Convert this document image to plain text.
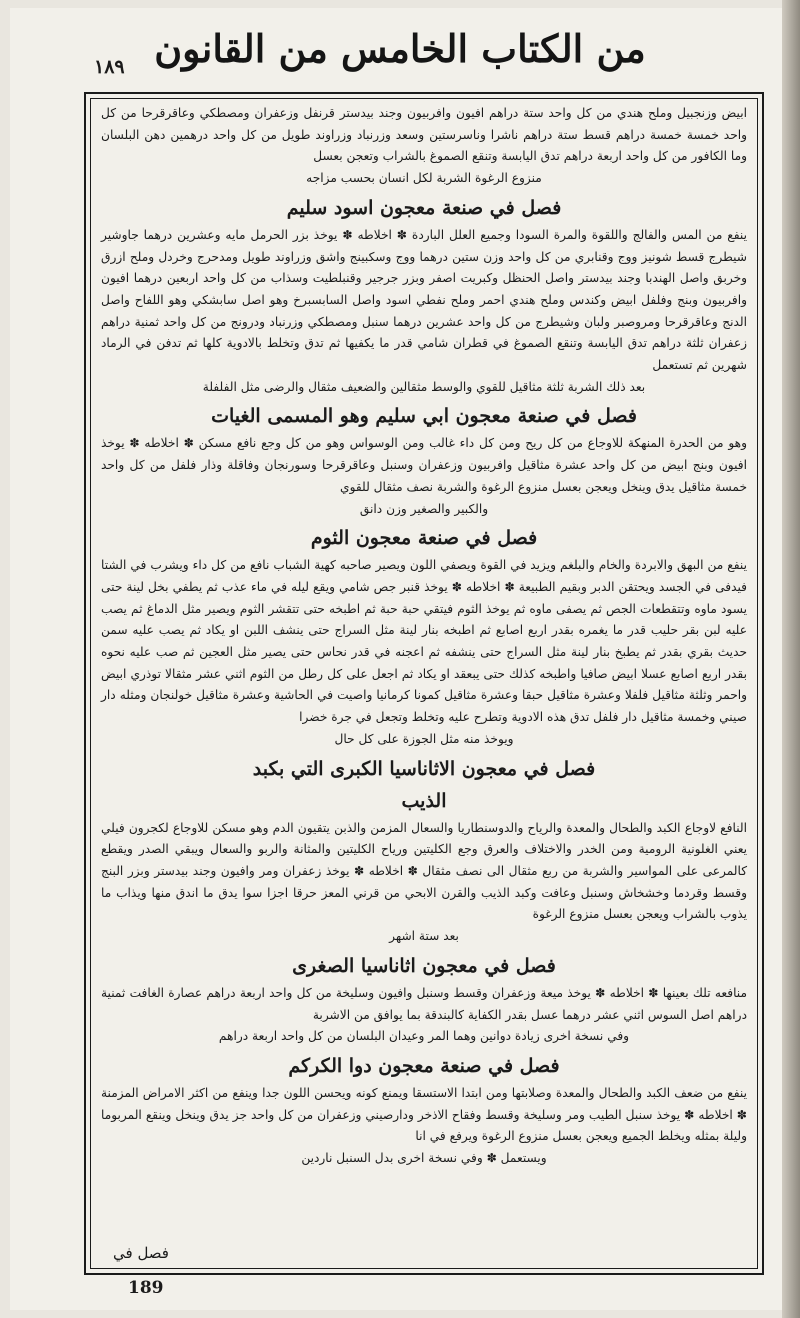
١٨٩ من الكتاب الخامس من القانون

ابيض وزنجبيل وملح هندي من كل واحد ستة دراهم افيون وافربيون وجند بيدستر قرنفل وزعفران ومصطكي وعاقرقرحا من كل واحد خمسة خمسة دراهم قسط ستة دراهم ناشرا وناسرستين وسعد وزرنباد وزراوند طويل من كل واحد درهمين دهن البلسان وما الكافور من كل واحد اربعة دراهم تدق اليابسة وتنقع الصموغ بالشراب وتعجن بعسل

منزوع الرغوة الشربة لكل انسان بحسب مزاجه

فصل في صنعة معجون اسود سليم

ينفع من المس والفالج واللقوة والمرة السودا وجميع العلل الباردة ✽ اخلاطه ✽ يوخذ بزر الحرمل مايه وعشرين درهما جاوشير شيطرج قسط شونيز ووج وقنابري من كل واحد وزن ستين درهما ووج وسكبينج واشق وزراوند طويل ومدحرج وخردل وملح ازرق وخربق واصل الهندبا وجند بيدستر واصل الحنظل وكبريت اصفر وبزر جرجير وقنبلطيت وسذاب من كل واحد اربعين درهما افيون وافربيون وبنج وفلفل ابيض وكندس وملح هندي احمر وملح نفطي اسود واصل السابسبرخ وهو اصل سابشكي وهو اللفاح واصل الدنج وعاقرقرحا ومروصبر ولبان وشيطرج من كل واحد عشرين درهما سنبل ومصطكي وزرنباد ودرونج من كل واحد ثمنية دراهم زعفران ثلثة دراهم تدق اليابسة وتنقع الصموغ في قطران شامي قدر ما يكفيها ثم تدق وتخلط بالادوية كلها ثم تدفن في الرماد شهرين ثم تستعمل

بعد ذلك الشربة ثلثة مثاقيل للقوي والوسط مثقالين والضعيف مثقال والرضى مثل الفلفلة

فصل في صنعة معجون ابي سليم وهو المسمى الغيات

وهو من الحدرة المنهكة للاوجاع من كل ريح ومن كل داء غالب ومن الوسواس وهو من كل وجع نافع مسكن ✽ اخلاطه ✽ يوخذ افيون وبنج ابيض من كل واحد عشرة مثاقيل وافربيون وزعفران وسنبل وعاقرقرحا وسورنجان وفاقلة وذار فلفل من كل واحد خمسة مثاقيل يدق وينخل ويعجن بعسل منزوع الرغوة والشربة نصف مثقال للقوي

والكبير والصغير وزن دانق

فصل في صنعة معجون الثوم

ينفع من البهق والابردة والخام والبلغم ويزيد في القوة ويصفي اللون ويصير صاحبه كهية الشباب نافع من كل داء ويشرب في الشتا فيدفى في الجسد ويحتقن الدبر وبقيم الطبيعة ✽ اخلاطه ✽ يوخذ قنبر جص شامي ويقع ليله في ماء عذب ثم يطفي بخل لينة حتى يسود ماوه وتتقطعات الجص ثم يصفى ماوه ثم يوخذ الثوم فيتقي حبة حبة ثم اطبخه حتى تتقشر الثوم ويصير مثل الدماغ ثم يصب عليه لبن بقر حليب قدر ما يغمره بقدر اربع اصابع ثم اطبخه بنار لينة مثل السراج حتى ينشف اللبن او يكاد ثم يصب عليه سمن حديث بقري بقدر ثم يطبخ بنار لينة مثل السراج حتى ينشفه ثم اعجنه في قدر نحاس حتى يصير مثل العجين ثم صب عليه نحوه بقدر اربع اصابع عسلا ابيض صافيا واطبخه كذلك حتى يبعقد او يكاد ثم اجعل على كل رطل من الثوم اثني عشر مثقالا توذري ابيض واحمر وثلثة مثاقيل فلفلا وعشرة مثاقيل حبقا وعشرة مثاقيل كمونا كرمانيا واصيت في الحاشية وعشرة مثاقيل خولنجان ومثله دار صيني وخمسة مثاقيل دار فلفل تدق هذه الادوية وتطرح عليه وتخلط وتجعل في جرة خضرا

ويوخذ منه مثل الجوزة على كل حال

فصل في معجون الاثاناسيا الكبرى التي بكبد
الذيب

النافع لاوجاع الكبد والطحال والمعدة والرياح والدوسنطاريا والسعال المزمن والذبن يتقيون الدم وهو مسكن للاوجاع لكجرون فيلي يعني الغلونية الرومية ومن الخدر والاختلاف والعرق وجع الكليتين ورياح الكليتين والمثانة والربو والسعال ويبقي الصدر ويقطع كالمرعى على المواسير والشربة من ربع مثقال الى نصف مثقال ✽ اخلاطه ✽ يوخذ زعفران ومر وافيون وجند بيدستر وبزر البنج وقسط وقردما وخشخاش وسنبل وعافت وكبد الذيب والقرن الابحي من قرني المعز حرقا اجزا سوا يدق ما اندق منها ويذاب ما يذوب بالشراب ويعجن بعسل منزوع الرغوة

بعد ستة اشهر

فصل في معجون اثاناسيا الصغرى

منافعه تلك بعينها ✽ اخلاطه ✽ يوخذ ميعة وزعفران وقسط وسنبل وافيون وسليخة من كل واحد اربعة دراهم عصارة الغافت ثمنية دراهم اصل السوس اثني عشر درهما عسل بقدر الكفاية كالبندقة بما يوافق من الاشربة

وفي نسخة اخرى زيادة دوانين وهما المر وعيدان البلسان من كل واحد اربعة دراهم

فصل في صنعة معجون دوا الكركم

ينفع من ضعف الكبد والطحال والمعدة وصلابتها ومن ابتدا الاستسقا ويمنع كونه ويحسن اللون جدا وينفع من اكثر الامراض المزمنة ✽ اخلاطه ✽ يوخذ سنبل الطيب ومر وسليخة وقسط وفقاح الاذخر ودارصيني وزعفران من كل واحد جز يدق وينخل وينقع المربوما وليلة بمثله ويخلط الجميع ويعجن بعسل منزوع الرغوة ويرفع في انا

ويستعمل ✽ وفي نسخة اخرى بدل السنبل ناردين

فصل في
189
